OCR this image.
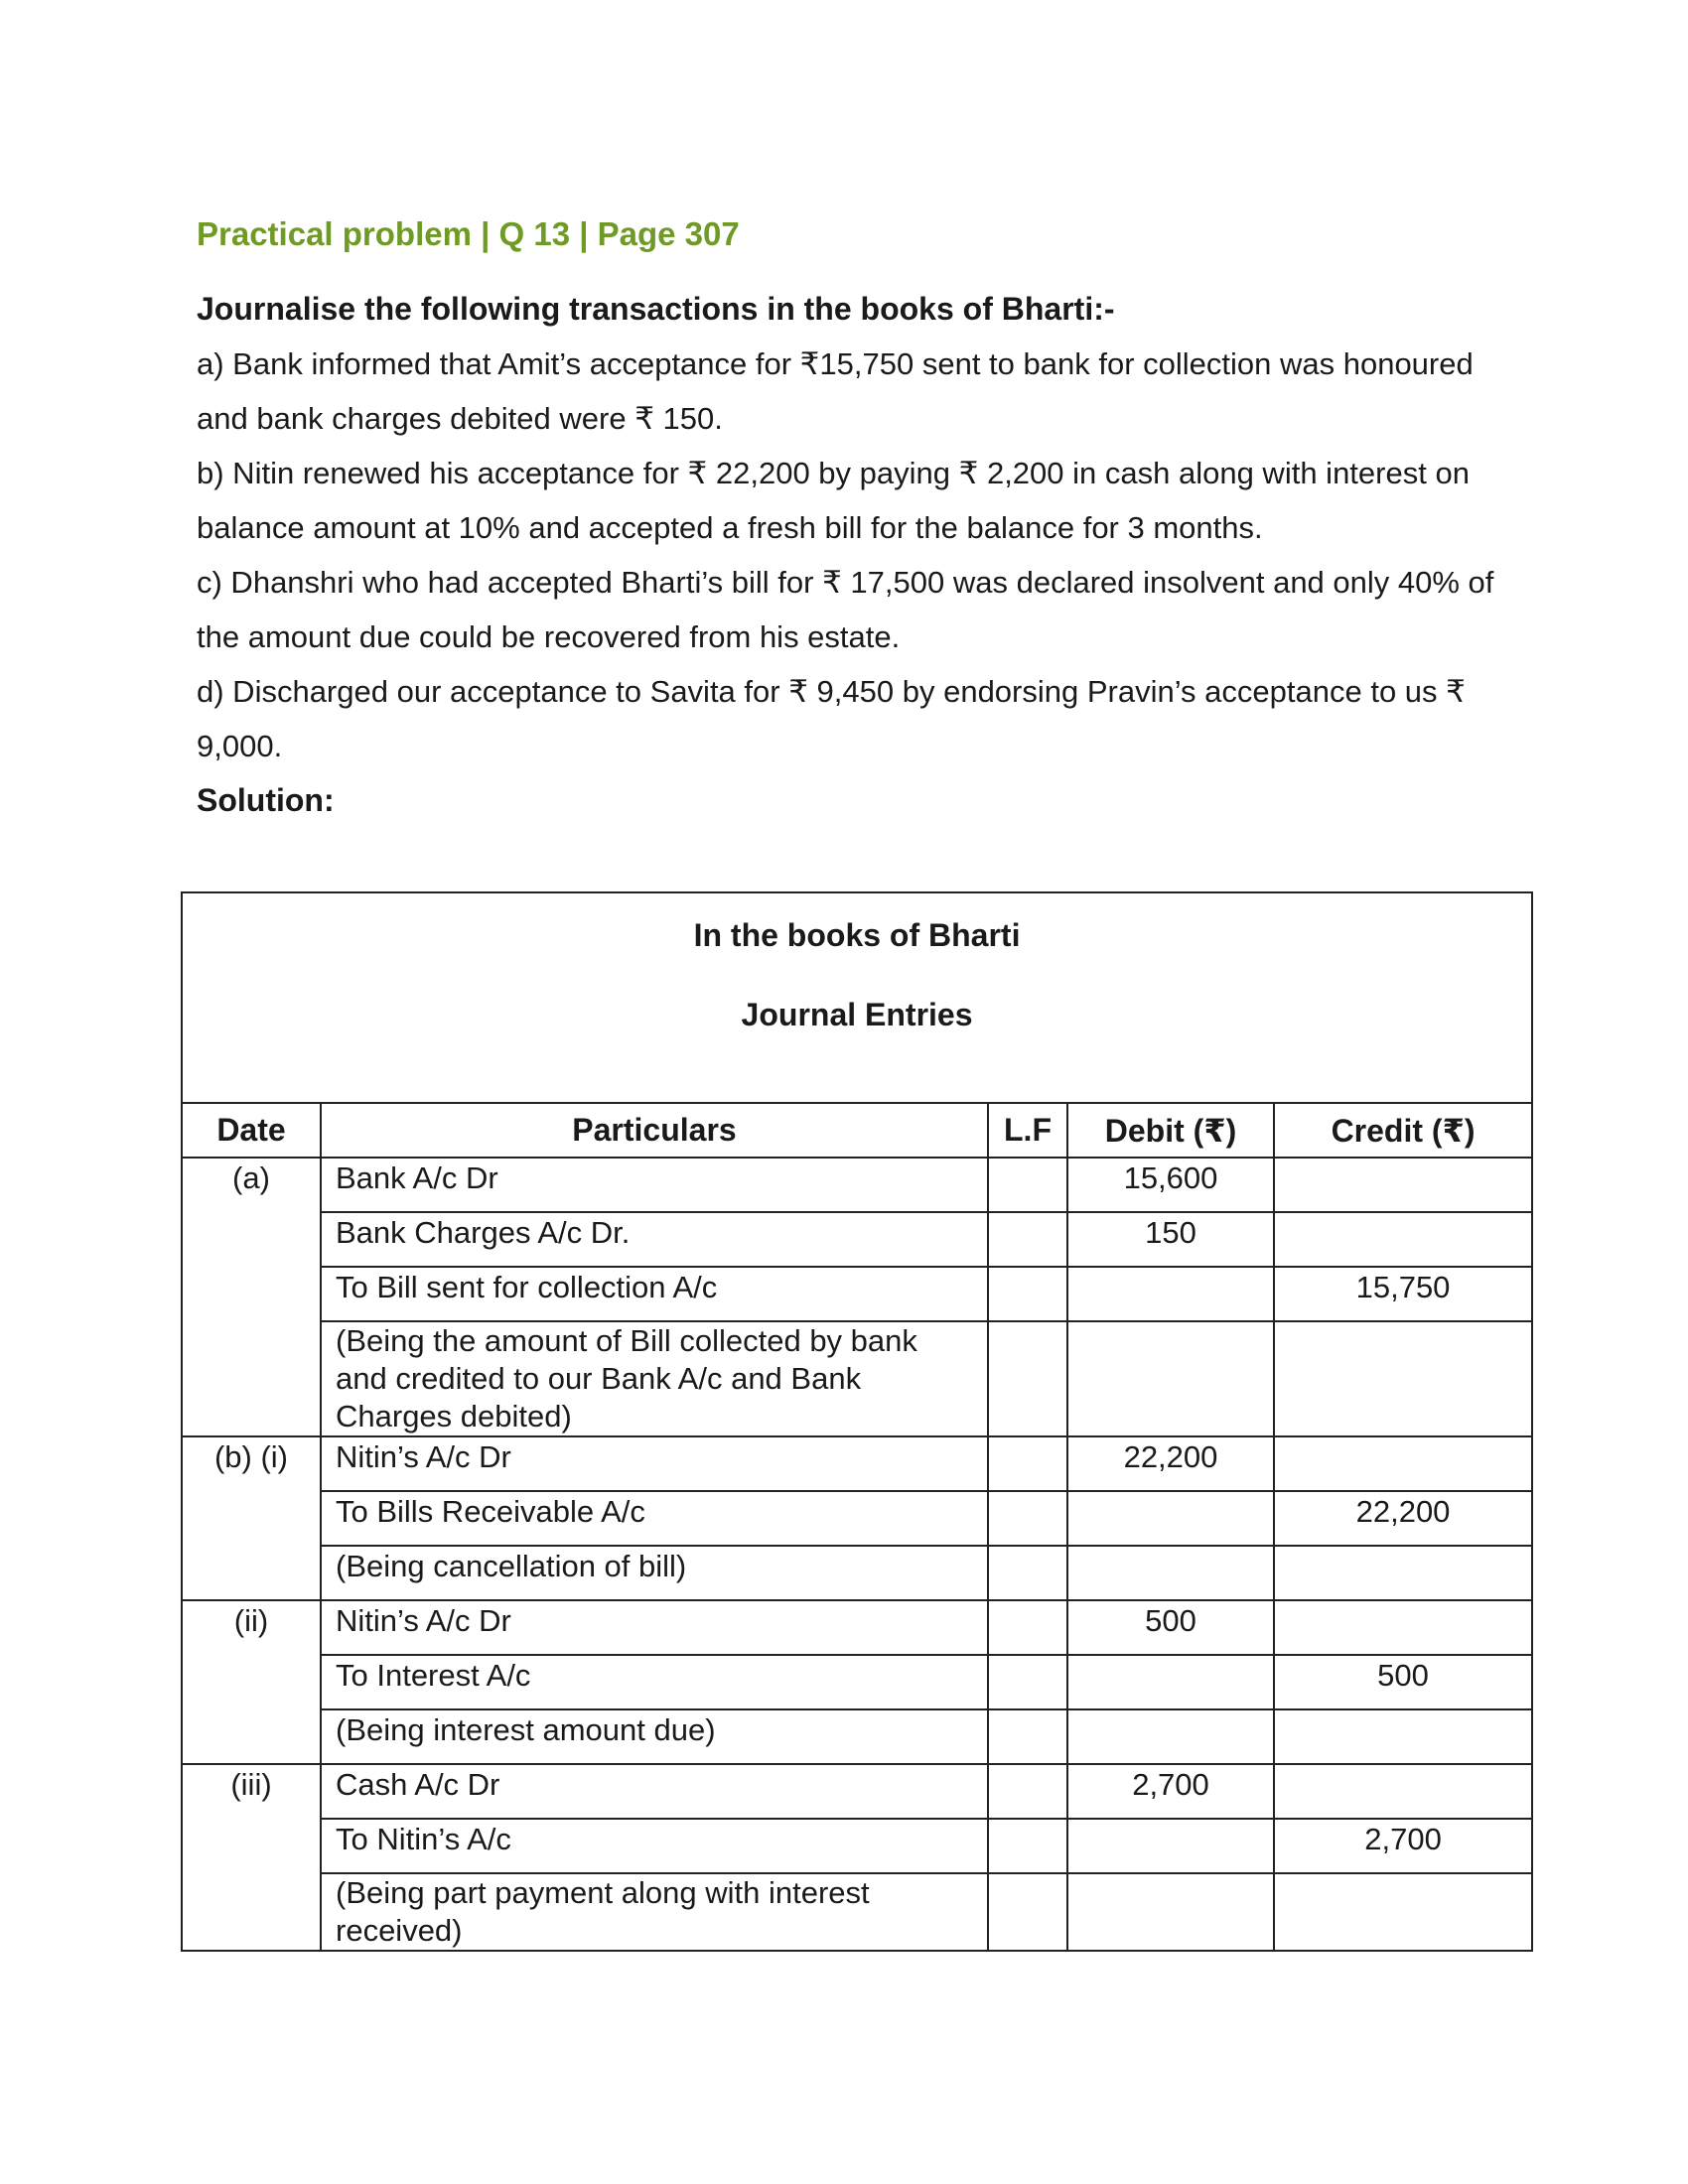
Practical problem | Q 13 | Page 307
Journalise the following transactions in the books of Bharti:-
a) Bank informed that Amit’s acceptance for ₹15,750 sent to bank for collection was honoured and bank charges debited were ₹ 150.
b) Nitin renewed his acceptance for ₹ 22,200 by paying ₹ 2,200 in cash along with interest on balance amount at 10% and accepted a fresh bill for the balance for 3 months.
c) Dhanshri who had accepted Bharti’s bill for ₹ 17,500 was declared insolvent and only 40% of the amount due could be recovered from his estate.
d) Discharged our acceptance to Savita for ₹ 9,450 by endorsing Pravin’s acceptance to us ₹ 9,000.
Solution:
In the books of Bharti
Journal Entries				

Date	Particulars	L.F	Debit (₹)	Credit (₹)
(a)	Bank A/c Dr		15,600	
	Bank Charges A/c Dr.		150	
	To Bill sent for collection A/c			15,750
	(Being the amount of Bill collected by bank and credited to our Bank A/c and Bank Charges debited)			
(b) (i)	Nitin’s A/c Dr		22,200	
	To Bills Receivable A/c			22,200
	(Being cancellation of bill)			
(ii)	Nitin’s A/c Dr		500	
	To Interest A/c			500
	(Being interest amount due)			
(iii)	Cash A/c Dr		2,700	
	To Nitin’s A/c			2,700
	(Being part payment along with interest received)			
